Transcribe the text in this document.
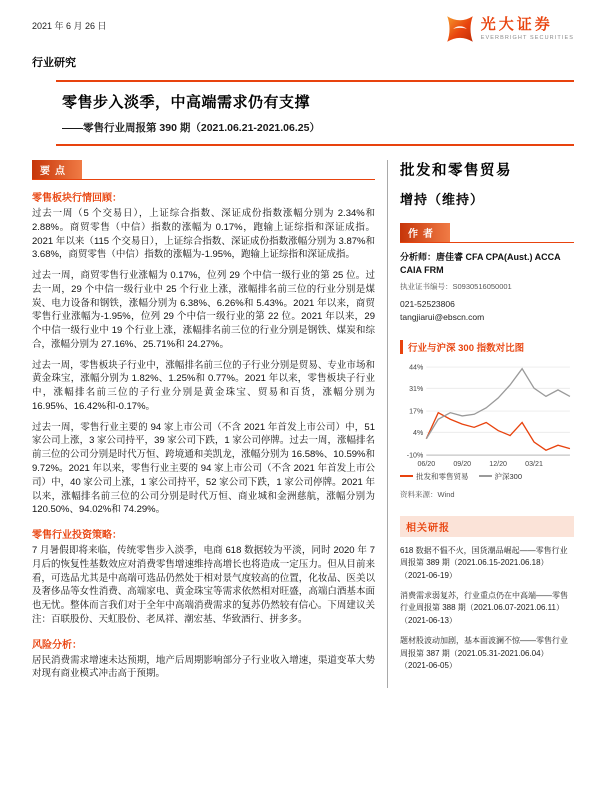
2021 年 6 月 26 日	光大证券
EVERBRIGHT SECURITIES
行业研究
零售步入淡季，中高端需求仍有支撑
——零售行业周报第 390 期（2021.06.21-2021.06.25）
要点
零售板块行情回顾：

过去一周（5 个交易日），上证综合指数、深证成份指数涨幅分别为 2.34%和 2.88%。商贸零售（中信）指数的涨幅为 0.17%，跑输上证综指和深证成指。2021 年以来（115 个交易日），上证综合指数、深证成份指数涨幅分别为 3.87%和 3.68%，商贸零售（中信）指数的涨幅为-1.95%，跑输上证综指和深证成指。

过去一周，商贸零售行业涨幅为 0.17%，位列 29 个中信一级行业的第 25 位。过去一周，29 个中信一级行业中 25 个行业上涨，涨幅排名前三位的行业分别是煤炭、电力设备和钢铁，涨幅分别为 6.38%、6.26%和 5.43%。2021 年以来，商贸零售行业涨幅为-1.95%，位列 29 个中信一级行业的第 22 位。2021 年以来，29 个中信一级行业中 19 个行业上涨，涨幅排名前三位的行业分别是钢铁、煤炭和综合，涨幅分别为 27.16%、25.71%和 24.27%。

过去一周，零售板块子行业中，涨幅排名前三位的子行业分别是贸易、专业市场和黄金珠宝，涨幅分别为 1.82%、1.25%和 0.77%。2021 年以来，零售板块子行业中，涨幅排名前三位的子行业分别是黄金珠宝、贸易和百货，涨幅分别为 16.95%、16.42%和-0.17%。

过去一周，零售行业主要的 94 家上市公司（不含 2021 年首发上市公司）中，51 家公司上涨，3 家公司持平，39 家公司下跌，1 家公司停牌。过去一周，涨幅排名前三位的公司分别是时代万恒、跨境通和美凯龙，涨幅分别为 16.58%、10.59%和 9.72%。2021 年以来，零售行业主要的 94 家上市公司（不含 2021 年首发上市公司）中，40 家公司上涨，1 家公司持平，52 家公司下跌，1 家公司停牌。2021 年以来，涨幅排名前三位的公司分别是时代万恒、商业城和金洲慈航，涨幅分别为 120.50%、94.02%和 74.29%。

零售行业投资策略：

7 月暑假即将来临，传统零售步入淡季，电商 618 数据较为平淡，同时 2020 年 7 月后的恢复性基数效应对消费零售增速维持高增长也将造成一定压力。但从目前来看，可选品尤其是中高端可选品仍然处于相对景气度较高的位置，化妆品、医美以及奢侈品等女性消费、高端家电、黄金珠宝等需求依然相对旺盛，高端白酒基本面也无忧。整体而言我们对于全年中高端消费需求的复苏仍然较有信心。下周建议关注：百联股份、天虹股份、老凤祥、潮宏基、华致酒行、拼多多。

风险分析：

居民消费需求增速未达预期，地产后周期影响部分子行业收入增速，渠道变革大势对现有商业模式冲击高于预期。

批发和零售贸易
增持（维持）
作者
分析师：唐佳睿 CFA CPA(Aust.) ACCA CAIA FRM
执业证书编号：S0930516050001
021-52523806
tangjiarui@ebscn.com
行业与沪深 300 指数对比图
44%
31%
17%
4%
-10%
06/20	09/20	12/20	03/21
批发和零售贸易	沪深300
资料来源：Wind
相关研报
618 数据不愠不火，国货潮品崛起——零售行业周报第 389 期（2021.06.15-2021.06.18）
（2021-06-19）
消费需求弱复苏，行业重点仍在中高端——零售行业周报第 388 期（2021.06.07-2021.06.11）
（2021-06-13）
题材股波动加剧，基本面波澜不惊——零售行业周报第 387 期（2021.05.31-2021.06.04）
（2021-06-05）
